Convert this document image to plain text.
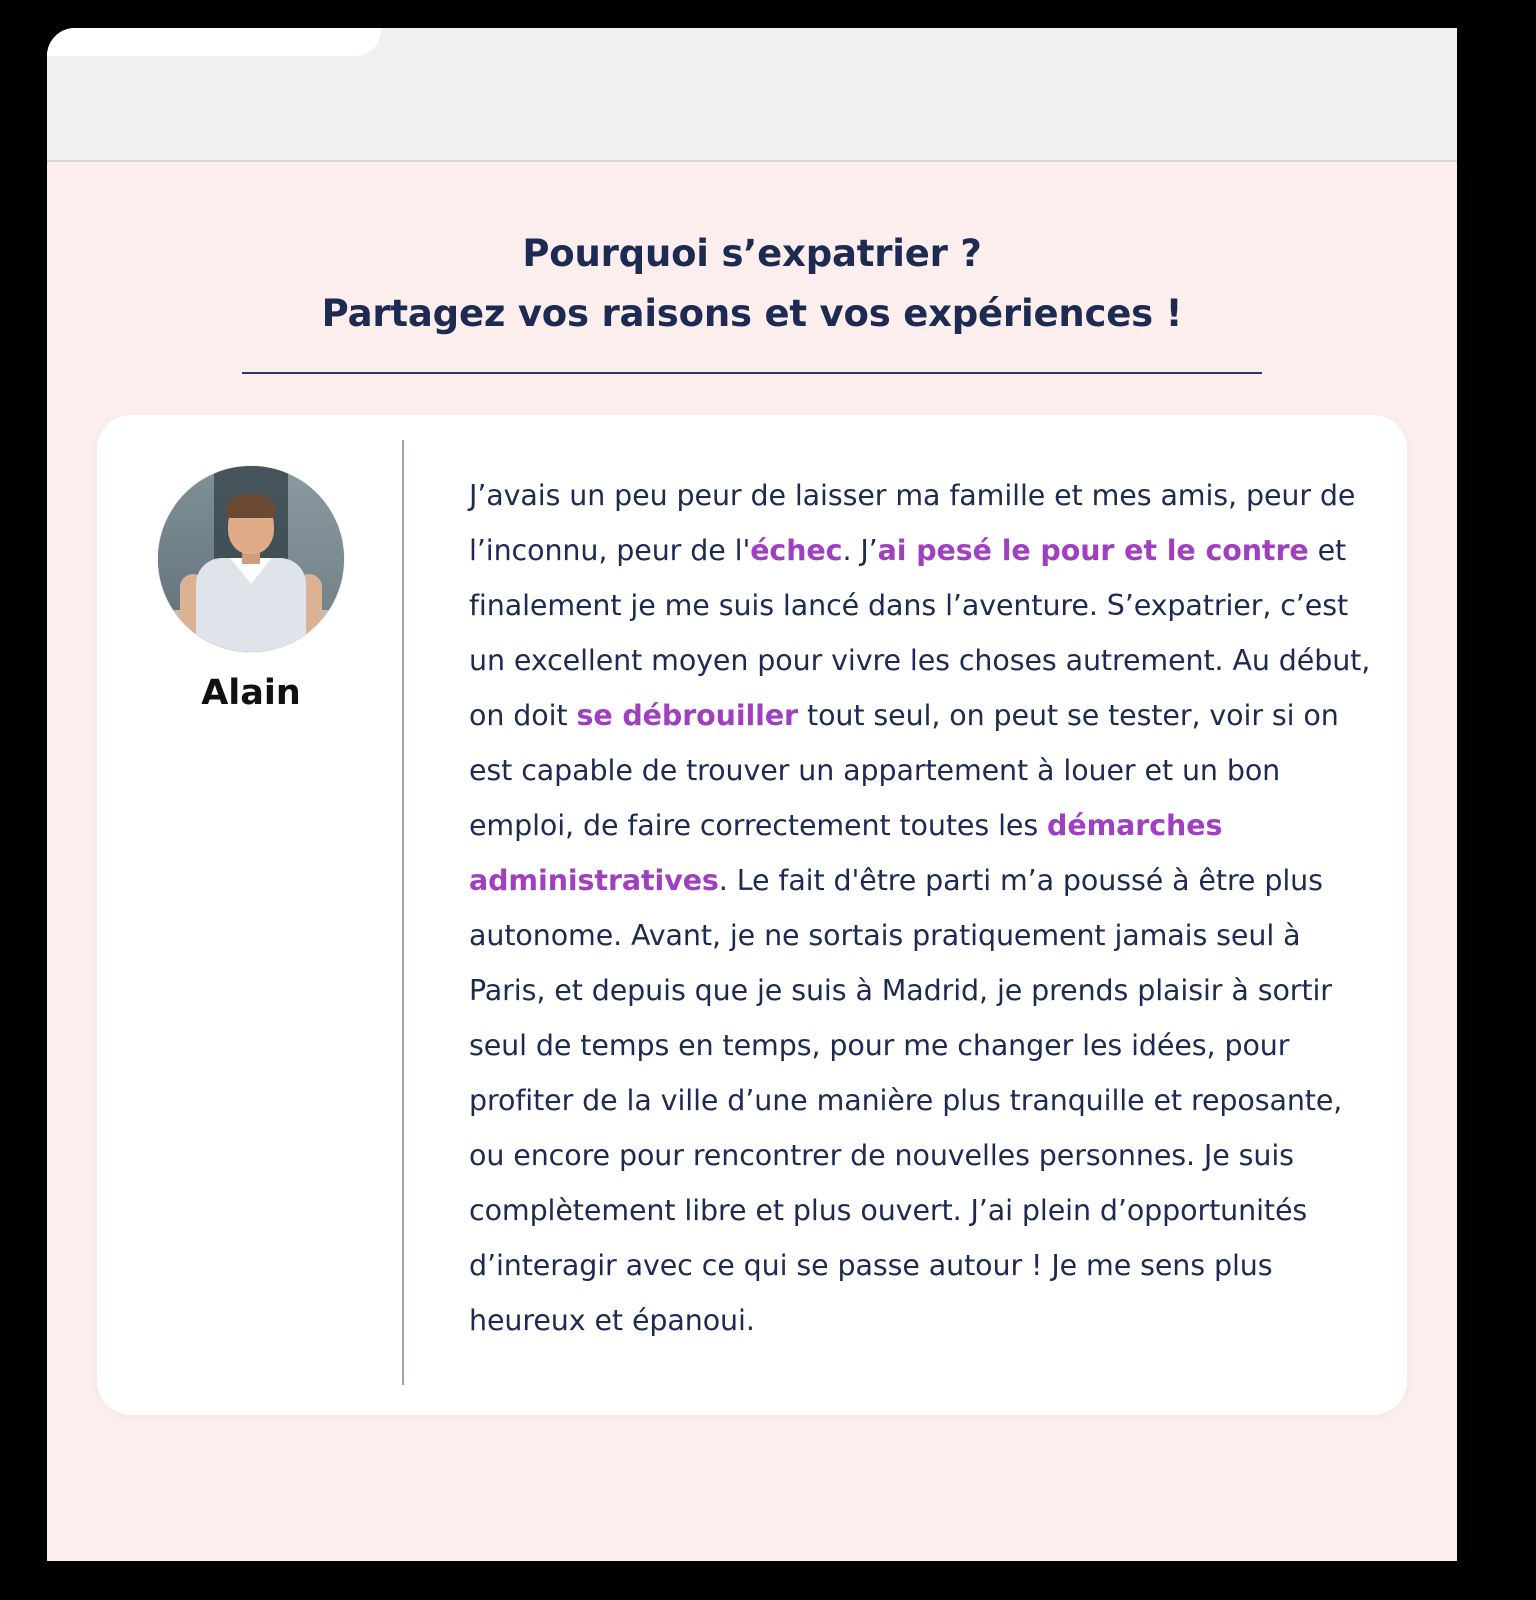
Pourquoi s’expatrier ?
Partagez vos raisons et vos expériences !
Alain

J’avais un peu peur de laisser ma famille et mes amis, peur de l’inconnu, peur de l'échec. J’ai pesé le pour et le contre et finalement je me suis lancé dans l’aventure. S’expatrier, c’est un excellent moyen pour vivre les choses autrement. Au début, on doit se débrouiller tout seul, on peut se tester, voir si on est capable de trouver un appartement à louer et un bon emploi, de faire correctement toutes les démarches administratives. Le fait d'être parti m’a poussé à être plus autonome. Avant, je ne sortais pratiquement jamais seul à Paris, et depuis que je suis à Madrid, je prends plaisir à sortir seul de temps en temps, pour me changer les idées, pour profiter de la ville d’une manière plus tranquille et reposante, ou encore pour rencontrer de nouvelles personnes. Je suis complètement libre et plus ouvert. J’ai plein d’opportunités d’interagir avec ce qui se passe autour ! Je me sens plus heureux et épanoui.
